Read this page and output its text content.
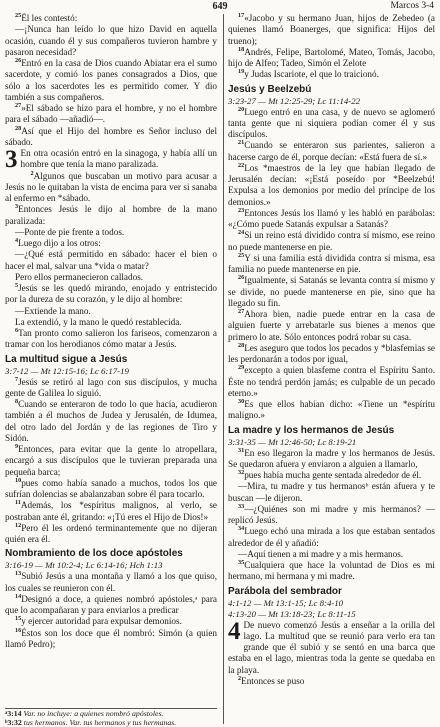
649	Marcos 3-4

$^{25}$Él les contestó:

—¡Nunca han leído lo que hizo David en aquella ocasión, cuando él y sus compañeros tuvieron hambre y pasaron necesidad?

$^{26}$Entró en la casa de Dios cuando Abiatar era el sumo sacerdote, y comió los panes consagrados a Dios, que sólo a los sacerdotes les es permitido comer. Y dio también a sus compañeros.

$^{27}$»El sábado se hizo para el hombre, y no el hombre para el sábado —añadió—.

$^{28}$Así que el Hijo del hombre es Señor incluso del sábado.

3 En otra ocasión entró en la sinagoga, y había allí un hombre que tenía la mano paralizada.

$^2$Algunos que buscaban un motivo para acusar a Jesús no le quitaban la vista de encima para ver si sanaba al enfermo en *sábado.

$^3$Entonces Jesús le dijo al hombre de la mano paralizada:

—Ponte de pie frente a todos.

$^4$Luego dijo a los otros:

—¿Qué está permitido en sábado: hacer el bien o hacer el mal, salvar una *vida o matar?

Pero ellos permanecieron callados.

$^5$Jesús se les quedó mirando, enojado y entristecido por la dureza de su corazón, y le dijo al hombre:

—Extiende la mano.

La extendió, y la mano le quedó restablecida.

$^6$Tan pronto como salieron los fariseos, comenzaron a tramar con los herodianos cómo matar a Jesús.

La multitud sigue a Jesús

3:7-12 — Mt 12:15-16; Lc 6:17-19

$^7$Jesús se retiró al lago con sus discípulos, y mucha gente de Galilea lo siguió.

$^8$Cuando se enteraron de todo lo que hacía, acudieron también a él muchos de Judea y Jerusalén, de Idumea, del otro lado del Jordán y de las regiones de Tiro y Sidón.

$^9$Entonces, para evitar que la gente lo atropellara, encargó a sus discípulos que le tuvieran preparada una pequeña barca;

$^{10}$pues como había sanado a muchos, todos los que sufrían dolencias se abalanzaban sobre él para tocarlo.

$^{11}$Además, los *espíritus malignos, al verlo, se postraban ante él, gritando: «¡Tú eres el Hijo de Dios!»

$^{12}$Pero él les ordenó terminantemente que no dijeran quién era él.

Nombramiento de los doce apóstoles

3:16-19 — Mt 10:2-4; Lc 6:14-16; Hch 1:13

$^{13}$Subió Jesús a una montaña y llamó a los que quiso, los cuales se reunieron con él.

$^{14}$Designó a doce, a quienes nombró apóstoles,ᵃ para que lo acompañaran y para enviarlos a predicar

$^{15}$y ejercer autoridad para expulsar demonios.

$^{16}$Éstos son los doce que él nombró: Simón (a quien llamó Pedro);

$^{17}$«Jacobo y su hermano Juan, hijos de Zebedeo (a quienes llamó Boanerges, que significa: Hijos del trueno);

$^{18}$Andrés, Felipe, Bartolomé, Mateo, Tomás, Jacobo, hijo de Alfeo; Tadeo, Simón el Zelote

$^{19}$y Judas Iscariote, el que lo traicionó.

Jesús y Beelzebú

3:23-27 — Mt 12:25-29; Lc 11:14-22

$^{20}$Luego entró en una casa, y de nuevo se aglomeró tanta gente que ni siquiera podían comer él y sus discípulos.

$^{21}$Cuando se enteraron sus parientes, salieron a hacerse cargo de él, porque decían: «Está fuera de sí.»

$^{22}$Los *maestros de la ley que habían llegado de Jerusalén decían: «¡Está poseído por *Beelzebú! Expulsa a los demonios por medio del príncipe de los demonios.»

$^{23}$Entonces Jesús los llamó y les habló en parábolas: «¿Cómo puede Satanás expulsar a Satanás?

$^{24}$Si un reino está dividido contra sí mismo, ese reino no puede mantenerse en pie.

$^{25}$Y si una familia está dividida contra sí misma, esa familia no puede mantenerse en pie.

$^{26}$Igualmente, si Satanás se levanta contra sí mismo y se divide, no puede mantenerse en pie, sino que ha llegado su fin.

$^{27}$Ahora bien, nadie puede entrar en la casa de alguien fuerte y arrebatarle sus bienes a menos que primero lo ate. Sólo entonces podrá robar su casa.

$^{28}$Les aseguro que todos los pecados y *blasfemias se les perdonarán a todos por igual,

$^{29}$excepto a quien blasfeme contra el Espíritu Santo. Éste no tendrá perdón jamás; es culpable de un pecado eterno.»

$^{30}$Es que ellos habían dicho: «Tiene un *espíritu maligno.»

La madre y los hermanos de Jesús

3:31-35 — Mt 12:46-50; Lc 8:19-21

$^{31}$En eso llegaron la madre y los hermanos de Jesús. Se quedaron afuera y enviaron a alguien a llamarlo,

$^{32}$pues había mucha gente sentada alrededor de él.

—Mira, tu madre y tus hermanosᵇ están afuera y te buscan —le dijeron.

$^{33}$—¿Quiénes son mi madre y mis hermanos? —replicó Jesús.

$^{34}$Luego echó una mirada a los que estaban sentados alrededor de él y añadió:

—Aquí tienen a mi madre y a mis hermanos.

$^{35}$Cualquiera que hace la voluntad de Dios es mi hermano, mi hermana y mi madre.

Parábola del sembrador

4:1-12 — Mt 13:1-15; Lc 8:4-10

4:13-20 — Mt 13:18-23; Lc 8:11-15

4 De nuevo comenzó Jesús a enseñar a la orilla del lago. La multitud que se reunió para verlo era tan grande que él subió y se sentó en una barca que estaba en el lago, mientras toda la gente se quedaba en la playa.

$^2$Entonces se puso

ᵃ3:14 Var. no incluye: a quienes nombró apóstoles.
ᵇ3:32 tus hermanos. Var. tus hermanos y tus hermanas.
